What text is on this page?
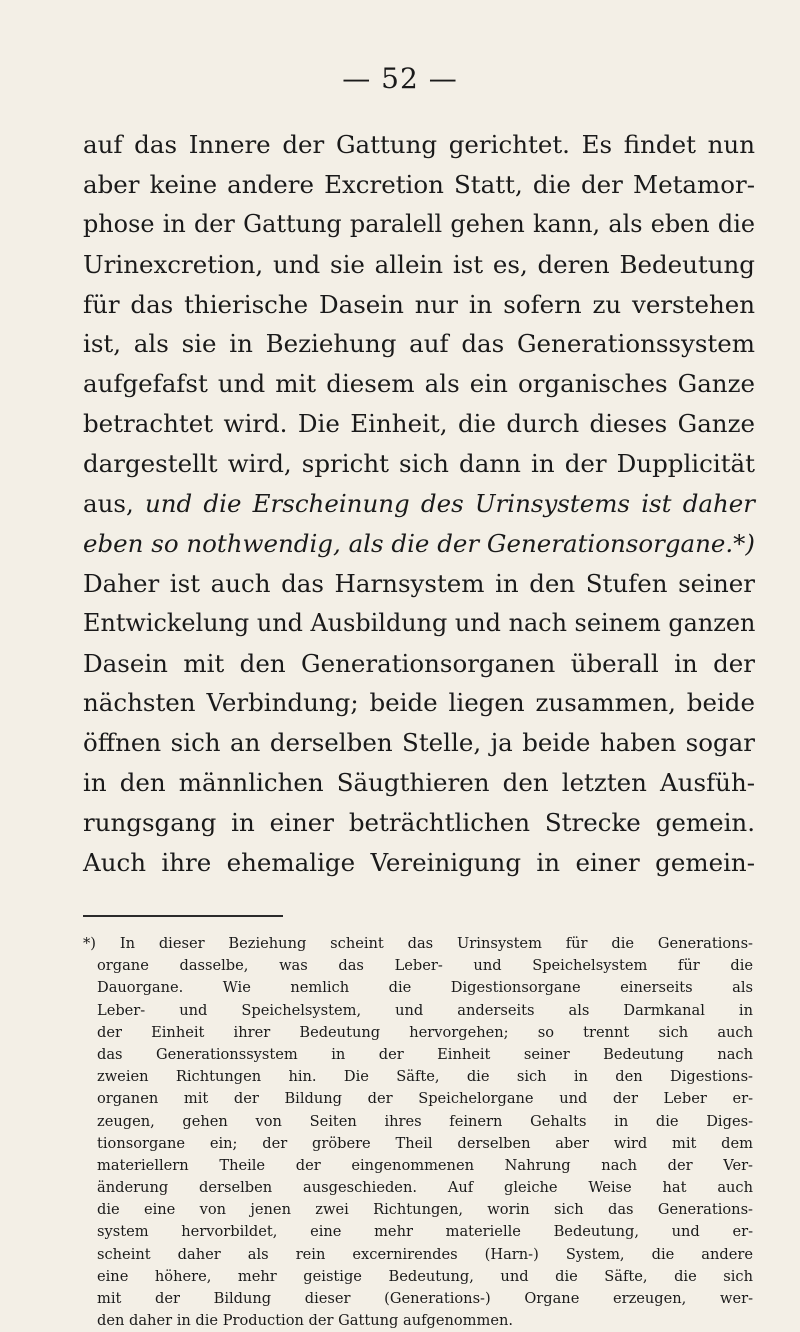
— 52 —
auf das Innere der Gattung gerichtet. Es findet nun
aber keine andere Excretion Statt, die der Metamor-
phose in der Gattung paralell gehen kann, als eben die
Urinexcretion, und sie allein ist es, deren Bedeutung
für das thierische Dasein nur in sofern zu verstehen
ist, als sie in Beziehung auf das Generationssystem
aufgefafst und mit diesem als ein organisches Ganze
betrachtet wird. Die Einheit, die durch dieses Ganze
dargestellt wird, spricht sich dann in der Dupplicität
aus, und die Erscheinung des Urinsystems ist daher
eben so nothwendig, als die der Generationsorgane.*)
Daher ist auch das Harnsystem in den Stufen seiner
Entwickelung und Ausbildung und nach seinem ganzen
Dasein mit den Generationsorganen überall in der
nächsten Verbindung; beide liegen zusammen, beide
öffnen sich an derselben Stelle, ja beide haben sogar
in den männlichen Säugthieren den letzten Ausfüh-
rungsgang in einer beträchtlichen Strecke gemein.
Auch ihre ehemalige Vereinigung in einer gemein-
*) In dieser Beziehung scheint das Urinsystem für die Generations-
organe dasselbe, was das Leber- und Speichelsystem für die
Dauorgane. Wie nemlich die Digestionsorgane einerseits als
Leber- und Speichelsystem, und anderseits als Darmkanal in
der Einheit ihrer Bedeutung hervorgehen; so trennt sich auch
das Generationssystem in der Einheit seiner Bedeutung nach
zweien Richtungen hin. Die Säfte, die sich in den Digestions-
organen mit der Bildung der Speichelorgane und der Leber er-
zeugen, gehen von Seiten ihres feinern Gehalts in die Diges-
tionsorgane ein; der gröbere Theil derselben aber wird mit dem
materiellern Theile der eingenommenen Nahrung nach der Ver-
änderung derselben ausgeschieden. Auf gleiche Weise hat auch
die eine von jenen zwei Richtungen, worin sich das Generations-
system hervorbildet, eine mehr materielle Bedeutung, und er-
scheint daher als rein excernirendes (Harn-) System, die andere
eine höhere, mehr geistige Bedeutung, und die Säfte, die sich
mit der Bildung dieser (Generations-) Organe erzeugen, wer-
den daher in die Production der Gattung aufgenommen.
